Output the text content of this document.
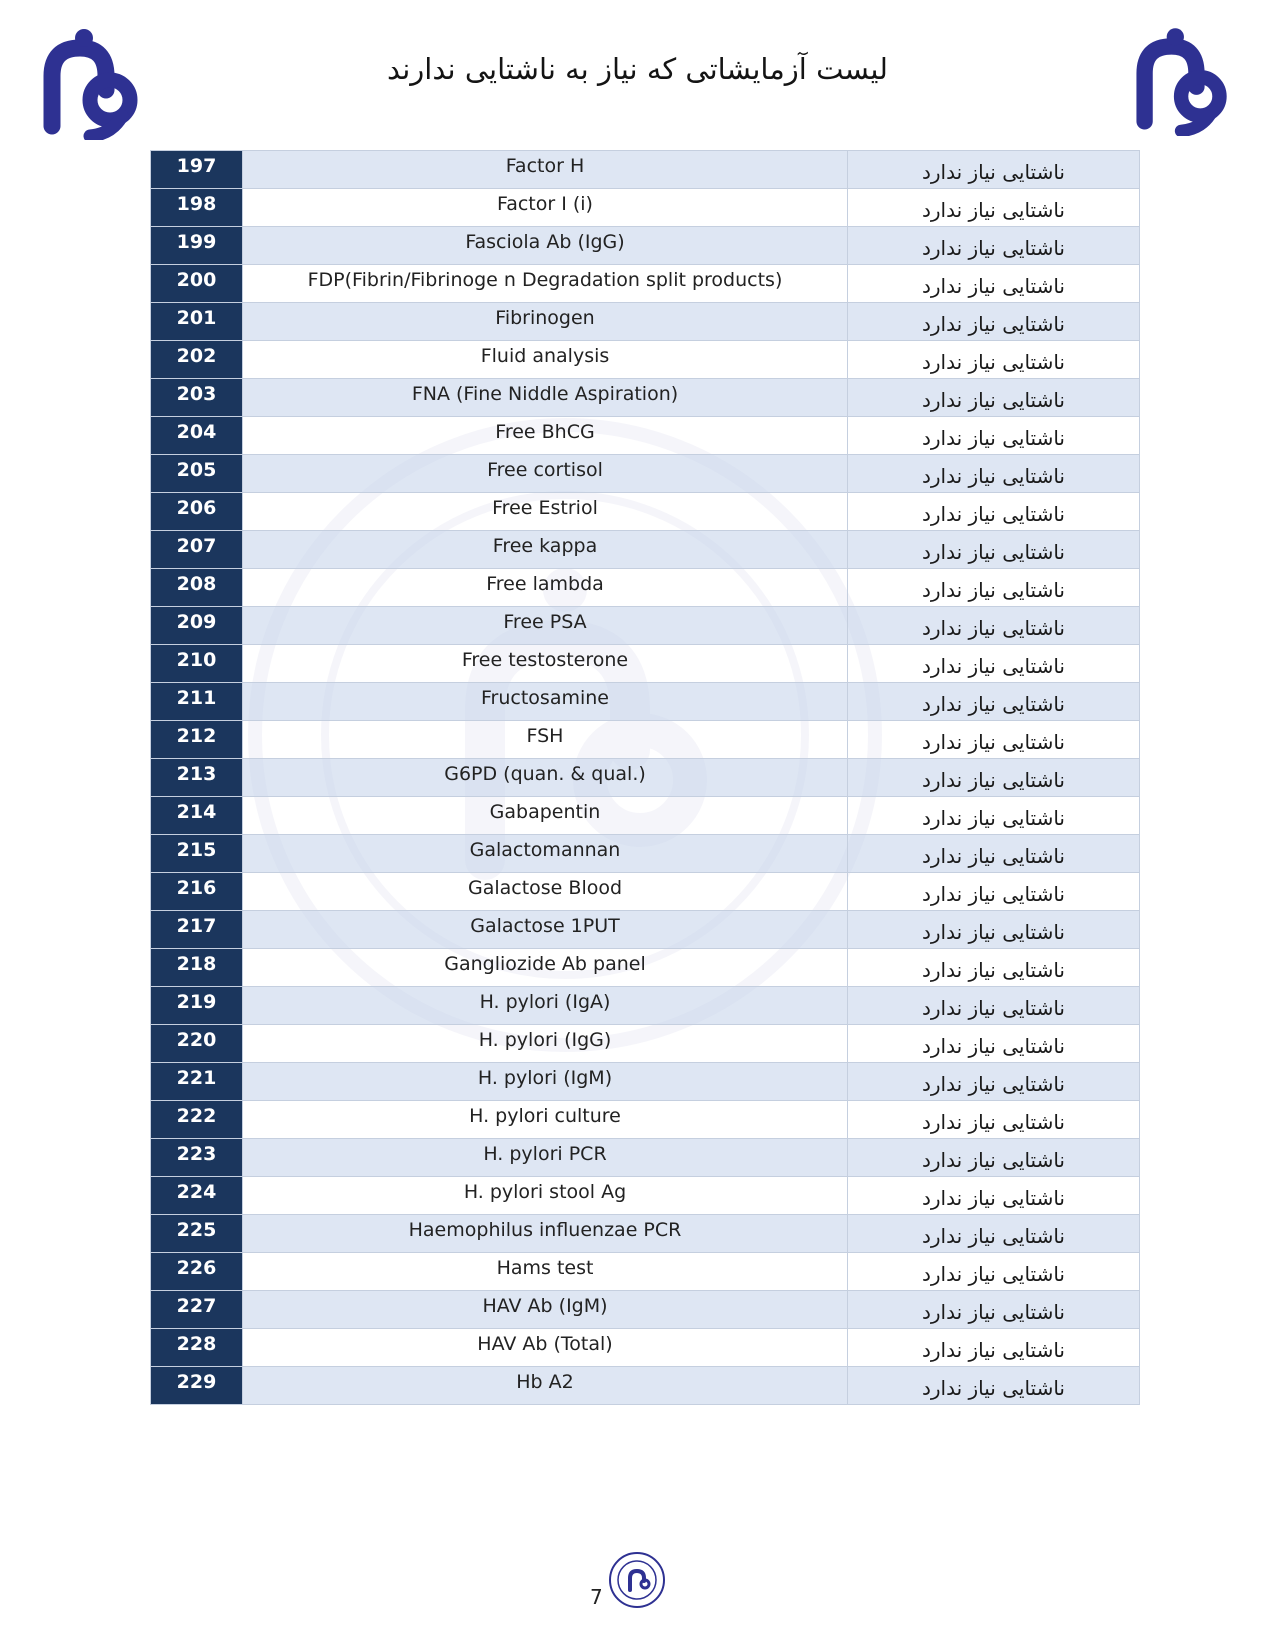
لیست آزمایشاتی که نیاز به ناشتایی ندارند
197	Factor H	ناشتایی نیاز ندارد
198	Factor I (i)	ناشتایی نیاز ندارد
199	Fasciola Ab (IgG)	ناشتایی نیاز ندارد
200	FDP(Fibrin/Fibrinoge n Degradation split products)	ناشتایی نیاز ندارد
201	Fibrinogen	ناشتایی نیاز ندارد
202	Fluid analysis	ناشتایی نیاز ندارد
203	FNA (Fine Niddle Aspiration)	ناشتایی نیاز ندارد
204	Free BhCG	ناشتایی نیاز ندارد
205	Free cortisol	ناشتایی نیاز ندارد
206	Free Estriol	ناشتایی نیاز ندارد
207	Free kappa	ناشتایی نیاز ندارد
208	Free lambda	ناشتایی نیاز ندارد
209	Free PSA	ناشتایی نیاز ندارد
210	Free testosterone	ناشتایی نیاز ندارد
211	Fructosamine	ناشتایی نیاز ندارد
212	FSH	ناشتایی نیاز ندارد
213	G6PD (quan. & qual.)	ناشتایی نیاز ندارد
214	Gabapentin	ناشتایی نیاز ندارد
215	Galactomannan	ناشتایی نیاز ندارد
216	Galactose Blood	ناشتایی نیاز ندارد
217	Galactose 1PUT	ناشتایی نیاز ندارد
218	Gangliozide Ab panel	ناشتایی نیاز ندارد
219	H. pylori (IgA)	ناشتایی نیاز ندارد
220	H. pylori (IgG)	ناشتایی نیاز ندارد
221	H. pylori (IgM)	ناشتایی نیاز ندارد
222	H. pylori culture	ناشتایی نیاز ندارد
223	H. pylori PCR	ناشتایی نیاز ندارد
224	H. pylori stool Ag	ناشتایی نیاز ندارد
225	Haemophilus influenzae PCR	ناشتایی نیاز ندارد
226	Hams test	ناشتایی نیاز ندارد
227	HAV Ab (IgM)	ناشتایی نیاز ندارد
228	HAV Ab (Total)	ناشتایی نیاز ندارد
229	Hb A2	ناشتایی نیاز ندارد
7
